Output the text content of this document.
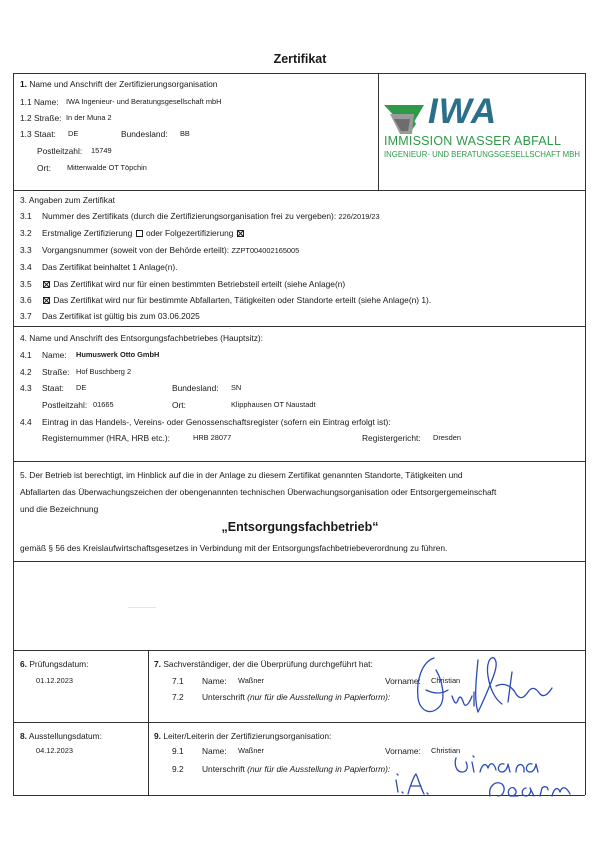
Zertifikat
1. Name und Anschrift der Zertifizierungsorganisation
1.1 Name: IWA Ingenieur- und Beratungsgesellschaft mbH
1.2 Straße: In der Muna 2
1.3 Staat: DE	Bundesland: BB
Postleitzahl: 15749
Ort: Mittenwalde OT Töpchin
IWA
IMMISSION WASSER ABFALL
INGENIEUR- UND BERATUNGSGESELLSCHAFT MBH
3. Angaben zum Zertifikat
3.1 Nummer des Zertifikats (durch die Zertifizierungsorganisation frei zu vergeben): 226/2019/23
3.2 Erstmalige Zertifizierung oder Folgezertifizierung
3.3 Vorgangsnummer (soweit von der Behörde erteilt): ZZPT004002165005
3.4 Das Zertifikat beinhaltet 1 Anlage(n).
3.5	Das Zertifikat wird nur für einen bestimmten Betriebsteil erteilt (siehe Anlage(n)
3.6	Das Zertifikat wird nur für bestimmte Abfallarten, Tätigkeiten oder Standorte erteilt (siehe Anlage(n) 1).
3.7 Das Zertifikat ist gültig bis zum 03.06.2025
4. Name und Anschrift des Entsorgungsfachbetriebes (Hauptsitz):
4.1 Name: Humuswerk Otto GmbH
4.2 Straße: Hof Buschberg 2
4.3 Staat: DE	Bundesland: SN
Postleitzahl: 01665	Ort:	Klipphausen OT Naustadt
4.4 Eintrag in das Handels-, Vereins- oder Genossenschaftsregister (sofern ein Eintrag erfolgt ist):
Registernummer (HRA, HRB etc.):	HRB 28077	Registergericht: Dresden
5. Der Betrieb ist berechtigt, im Hinblick auf die in der Anlage zu diesem Zertifikat genannten Standorte, Tätigkeiten und
Abfallarten das Überwachungszeichen der obengenannten technischen Überwachungsorganisation oder Entsorgergemeinschaft
und die Bezeichnung
„Entsorgungsfachbetrieb“
gemäß § 56 des Kreislaufwirtschaftsgesetzes in Verbindung mit der Entsorgungsfachbetriebeverordnung zu führen.
6. Prüfungsdatum:
01.12.2023
7. Sachverständiger, der die Überprüfung durchgeführt hat:
7.1 Name: Waßner	Vorname: Christian
7.2 Unterschrift (nur für die Ausstellung in Papierform):
8. Ausstellungsdatum:
04.12.2023
9. Leiter/Leiterin der Zertifizierungsorganisation:
9.1 Name: Waßner	Vorname: Christian
9.2 Unterschrift (nur für die Ausstellung in Papierform):
